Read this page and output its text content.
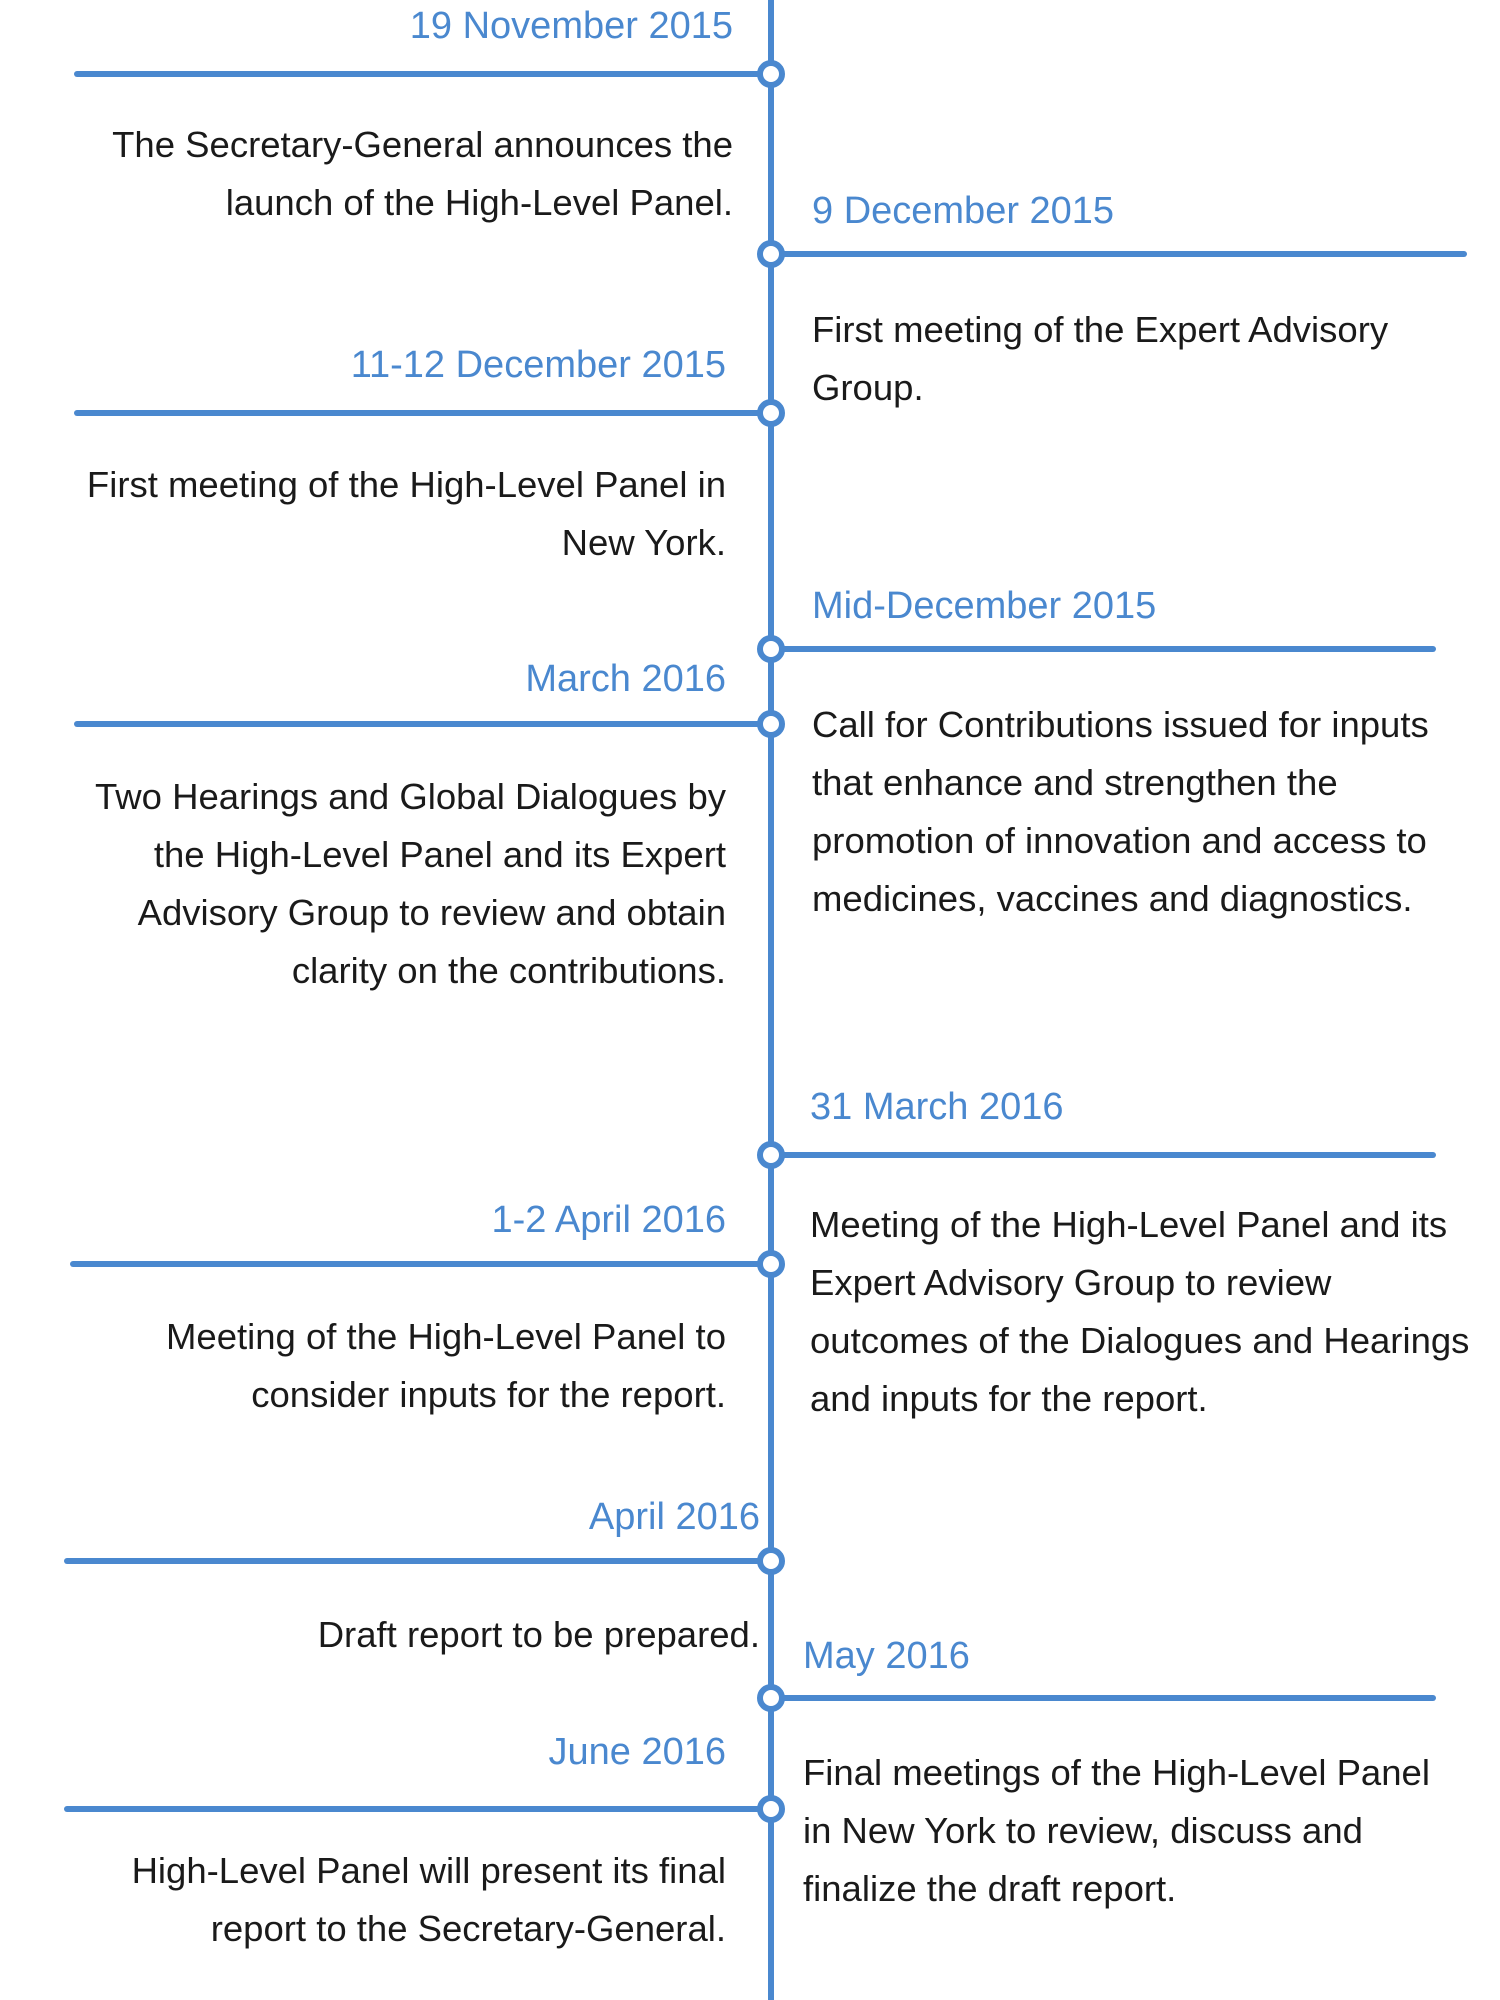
19 November 2015
The Secretary-General announces the launch of the High-Level Panel. 9 December 2015
First meeting of the Expert Advisory Group.
11-12 December 2015
First meeting of the High-Level Panel in New York.
Mid-December 2015
Call for Contributions issued for inputs that enhance and strengthen the promotion of innovation and access to medicines, vaccines and diagnostics.
March 2016
Two Hearings and Global Dialogues by the High-Level Panel and its Expert Advisory Group to review and obtain clarity on the contributions.
31 March 2016
Meeting of the High-Level Panel and its Expert Advisory Group to review outcomes of the Dialogues and Hearings and inputs for the report.
1-2 April 2016
Meeting of the High-Level Panel to consider inputs for the report.
April 2016
Draft report to be prepared.
May 2016
Final meetings of the High-Level Panel in New York to review, discuss and finalize the draft report.
June 2016
High-Level Panel will present its final report to the Secretary-General.
